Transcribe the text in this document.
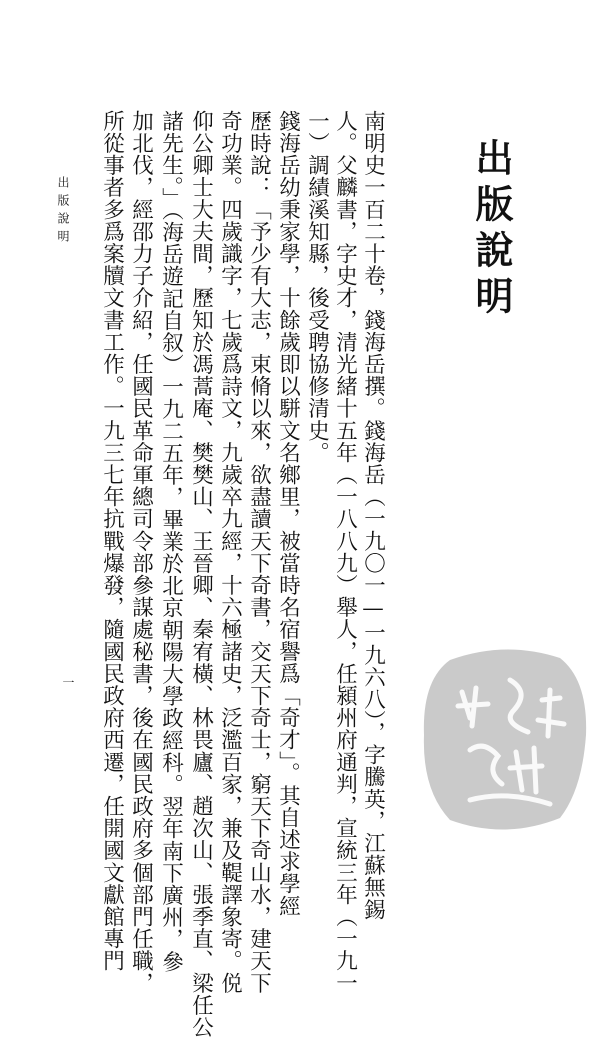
出版說明
南明史一百二十卷，錢海岳撰。錢海岳（一九〇一—一九六八），字騰英，江蘇無錫
人。父麟書，字史才，清光緒十五年（一八八九）舉人，任潁州府通判，宣統三年（一九一
一）調績溪知縣，後受聘協修清史。
錢海岳幼秉家學，十餘歲即以駢文名鄉里，被當時名宿譽爲「奇才」。其自述求學經
歷時說：「予少有大志，束脩以來，欲盡讀天下奇書，交天下奇士，窮天下奇山水，建天下
奇功業。四歲識字，七歲爲詩文，九歲卒九經，十六極諸史，泛濫百家，兼及鞮譯象寄。侻
仰公卿士大夫間，歷知於馮蒿庵、樊樊山、王晉卿、秦宥橫、林畏廬、趙次山、張季直、梁任公
諸先生。」（海岳遊記自叙）一九二五年，畢業於北京朝陽大學政經科。翌年南下廣州，參
加北伐，經邵力子介紹，任國民革命軍總司令部參謀處秘書，後在國民政府多個部門任職，
所從事者多爲案牘文書工作。一九三七年抗戰爆發，隨國民政府西遷，任開國文獻館專門
出版說明
一
